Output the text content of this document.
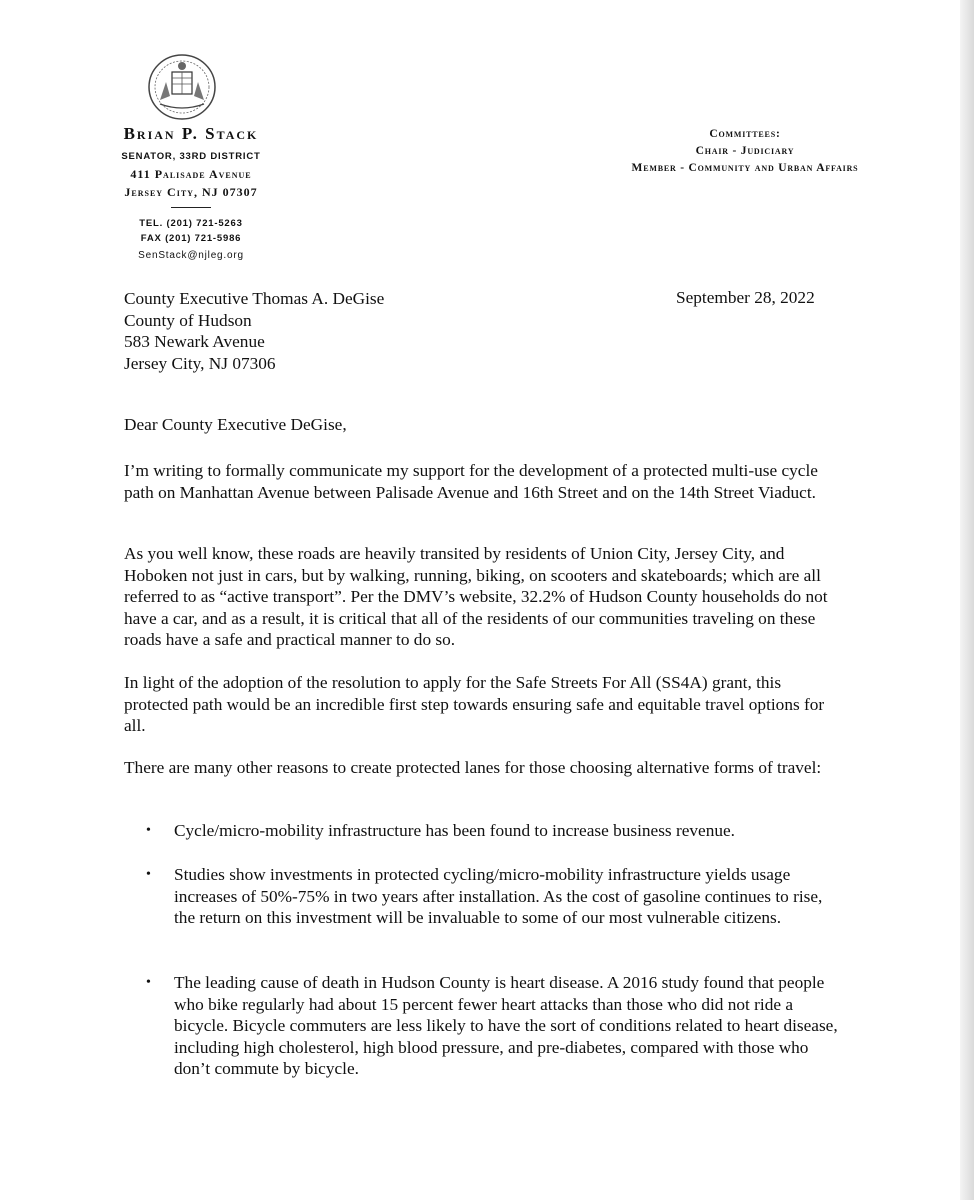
Brian P. Stack
SENATOR, 33RD DISTRICT
411 Palisade Avenue
Jersey City, NJ 07307
TEL. (201) 721-5263
FAX (201) 721-5986
SenStack@njleg.org
Committees:
Chair - Judiciary
Member - Community and Urban Affairs
County Executive Thomas A. DeGise
County of Hudson
583 Newark Avenue
Jersey City, NJ 07306
September 28, 2022
Dear County Executive DeGise,
I’m writing to formally communicate my support for the development of a protected multi-use cycle path on Manhattan Avenue between Palisade Avenue and 16th Street and on the 14th Street Viaduct.
As you well know, these roads are heavily transited by residents of Union City, Jersey City, and Hoboken not just in cars, but by walking, running, biking, on scooters and skateboards; which are all referred to as “active transport”. Per the DMV’s website, 32.2% of Hudson County households do not have a car, and as a result, it is critical that all of the residents of our communities traveling on these roads have a safe and practical manner to do so.
In light of the adoption of the resolution to apply for the Safe Streets For All (SS4A) grant, this protected path would be an incredible first step towards ensuring safe and equitable travel options for all.
There are many other reasons to create protected lanes for those choosing alternative forms of travel:
• Cycle/micro-mobility infrastructure has been found to increase business revenue.
• Studies show investments in protected cycling/micro-mobility infrastructure yields usage increases of 50%-75% in two years after installation. As the cost of gasoline continues to rise, the return on this investment will be invaluable to some of our most vulnerable citizens.
• The leading cause of death in Hudson County is heart disease. A 2016 study found that people who bike regularly had about 15 percent fewer heart attacks than those who did not ride a bicycle. Bicycle commuters are less likely to have the sort of conditions related to heart disease, including high cholesterol, high blood pressure, and pre-diabetes, compared with those who don’t commute by bicycle.
